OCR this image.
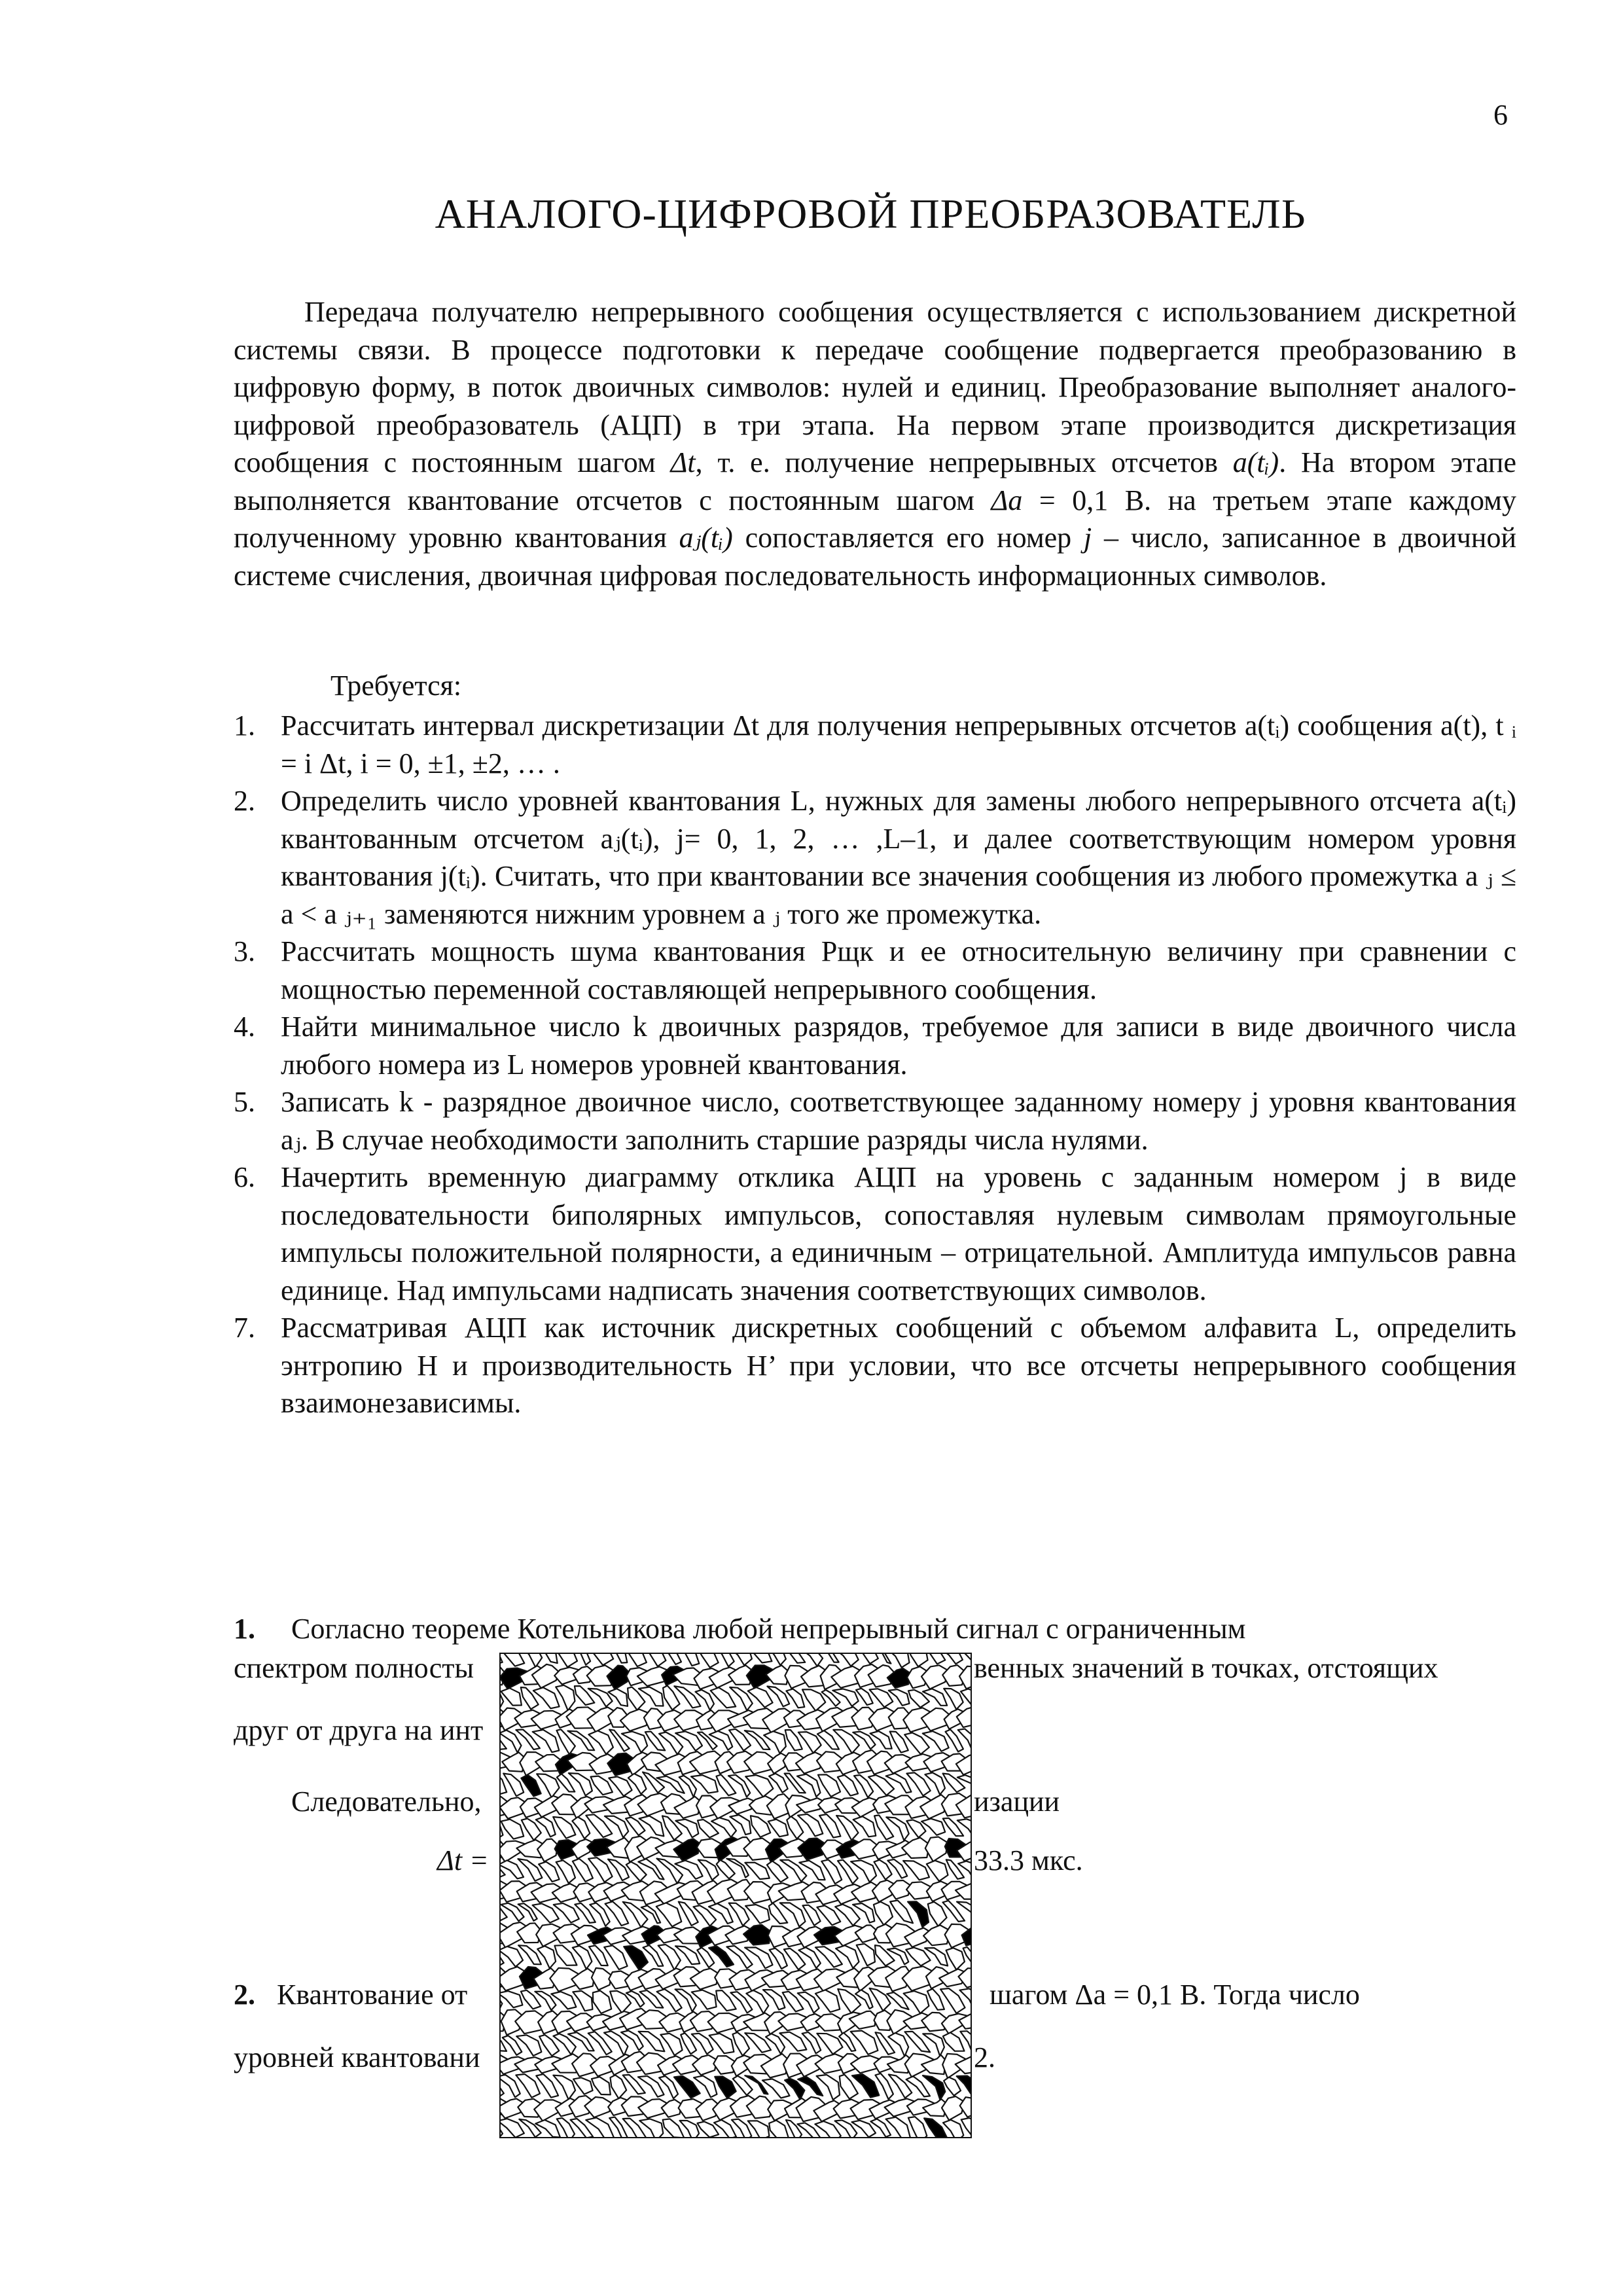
6
АНАЛОГО-ЦИФРОВОЙ ПРЕОБРАЗОВАТЕЛЬ
Передача получателю непрерывного сообщения осуществляется с использованием дискретной системы связи. В процессе подготовки к передаче сообщение подвергается преобразованию в цифровую форму, в поток двоичных символов: нулей и единиц. Преобразование выполняет аналого-цифровой преобразователь (АЦП) в три этапа. На первом этапе производится дискретизация сообщения с постоянным шагом Δt, т. е. получение непрерывных отсчетов a(tᵢ). На втором этапе выполняется квантование отсчетов с постоянным шагом Δa = 0,1 В. на третьем этапе каждому полученному уровню квантования aⱼ(tᵢ) сопоставляется его номер j – число, записанное в двоичной системе счисления, двоичная цифровая последовательность информационных символов.
Требуется:
1. Рассчитать интервал дискретизации Δt для получения непрерывных отсчетов a(tᵢ) сообщения a(t), t ᵢ = i Δt, i = 0, ±1, ±2, … .
2. Определить число уровней квантования L, нужных для замены любого непрерывного отсчета a(tᵢ) квантованным отсчетом aⱼ(tᵢ), j= 0, 1, 2, … ,L–1, и далее соответствующим номером уровня квантования j(tᵢ). Считать, что при квантовании все значения сообщения из любого промежутка a ⱼ ≤ a < a ⱼ₊₁ заменяются нижним уровнем a ⱼ того же промежутка.
3. Рассчитать мощность шума квантования Pщк и ее относительную величину при сравнении с мощностью переменной составляющей непрерывного сообщения.
4. Найти минимальное число k двоичных разрядов, требуемое для записи в виде двоичного числа любого номера из L номеров уровней квантования.
5. Записать k - разрядное двоичное число, соответствующее заданному номеру j уровня квантования aⱼ. В случае необходимости заполнить старшие разряды числа нулями.
6. Начертить временную диаграмму отклика АЦП на уровень с заданным номером j в виде последовательности биполярных импульсов, сопоставляя нулевым символам прямоугольные импульсы положительной полярности, а единичным – отрицательной. Амплитуда импульсов равна единице. Над импульсами надписать значения соответствующих символов.
7. Рассматривая АЦП как источник дискретных сообщений с объемом алфавита L, определить энтропию H и производительность H’ при условии, что все отсчеты непрерывного сообщения взаимонезависимы.
1. Согласно теореме Котельникова любой непрерывный сигнал с ограниченным
спектром полносты	венных значений в точках, отстоящих
друг от друга на инт
Следовательно,	изации
Δt =	33.3 мкс.
2. Квантование от	шагом Δa = 0,1 В. Тогда число
уровней квантовани	2.
